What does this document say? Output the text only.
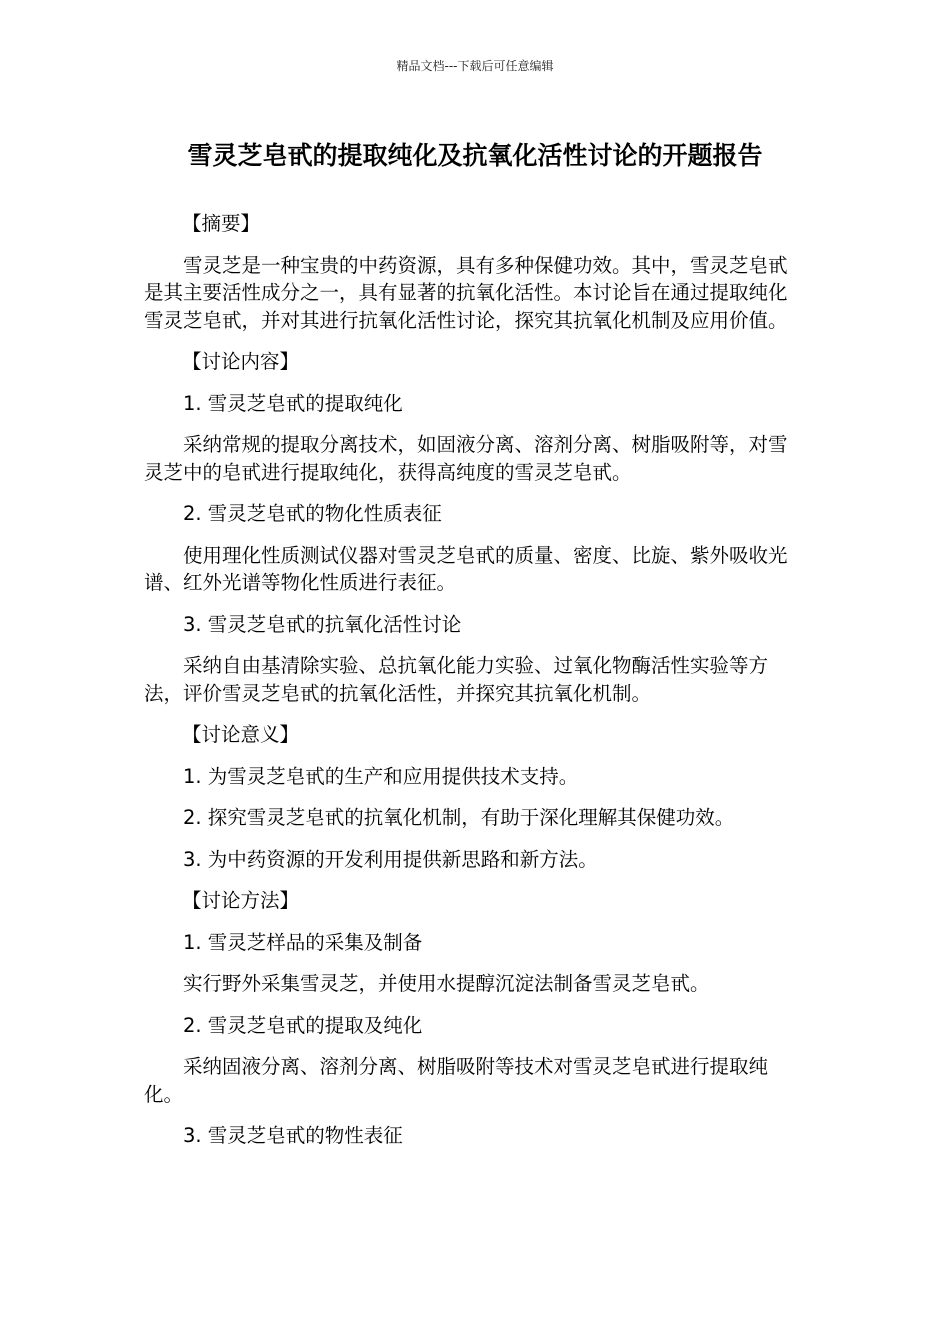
精品文档---下载后可任意编辑
雪灵芝皂甙的提取纯化及抗氧化活性讨论的开题报告

【摘要】

雪灵芝是一种宝贵的中药资源，具有多种保健功效。其中，雪灵芝皂甙是其主要活性成分之一，具有显著的抗氧化活性。本讨论旨在通过提取纯化雪灵芝皂甙，并对其进行抗氧化活性讨论，探究其抗氧化机制及应用价值。

【讨论内容】

1. 雪灵芝皂甙的提取纯化

采纳常规的提取分离技术，如固液分离、溶剂分离、树脂吸附等，对雪灵芝中的皂甙进行提取纯化，获得高纯度的雪灵芝皂甙。

2. 雪灵芝皂甙的物化性质表征

使用理化性质测试仪器对雪灵芝皂甙的质量、密度、比旋、紫外吸收光谱、红外光谱等物化性质进行表征。

3. 雪灵芝皂甙的抗氧化活性讨论

采纳自由基清除实验、总抗氧化能力实验、过氧化物酶活性实验等方法，评价雪灵芝皂甙的抗氧化活性，并探究其抗氧化机制。

【讨论意义】

1. 为雪灵芝皂甙的生产和应用提供技术支持。

2. 探究雪灵芝皂甙的抗氧化机制，有助于深化理解其保健功效。

3. 为中药资源的开发利用提供新思路和新方法。

【讨论方法】

1. 雪灵芝样品的采集及制备

实行野外采集雪灵芝，并使用水提醇沉淀法制备雪灵芝皂甙。

2. 雪灵芝皂甙的提取及纯化

采纳固液分离、溶剂分离、树脂吸附等技术对雪灵芝皂甙进行提取纯化。

3. 雪灵芝皂甙的物性表征
